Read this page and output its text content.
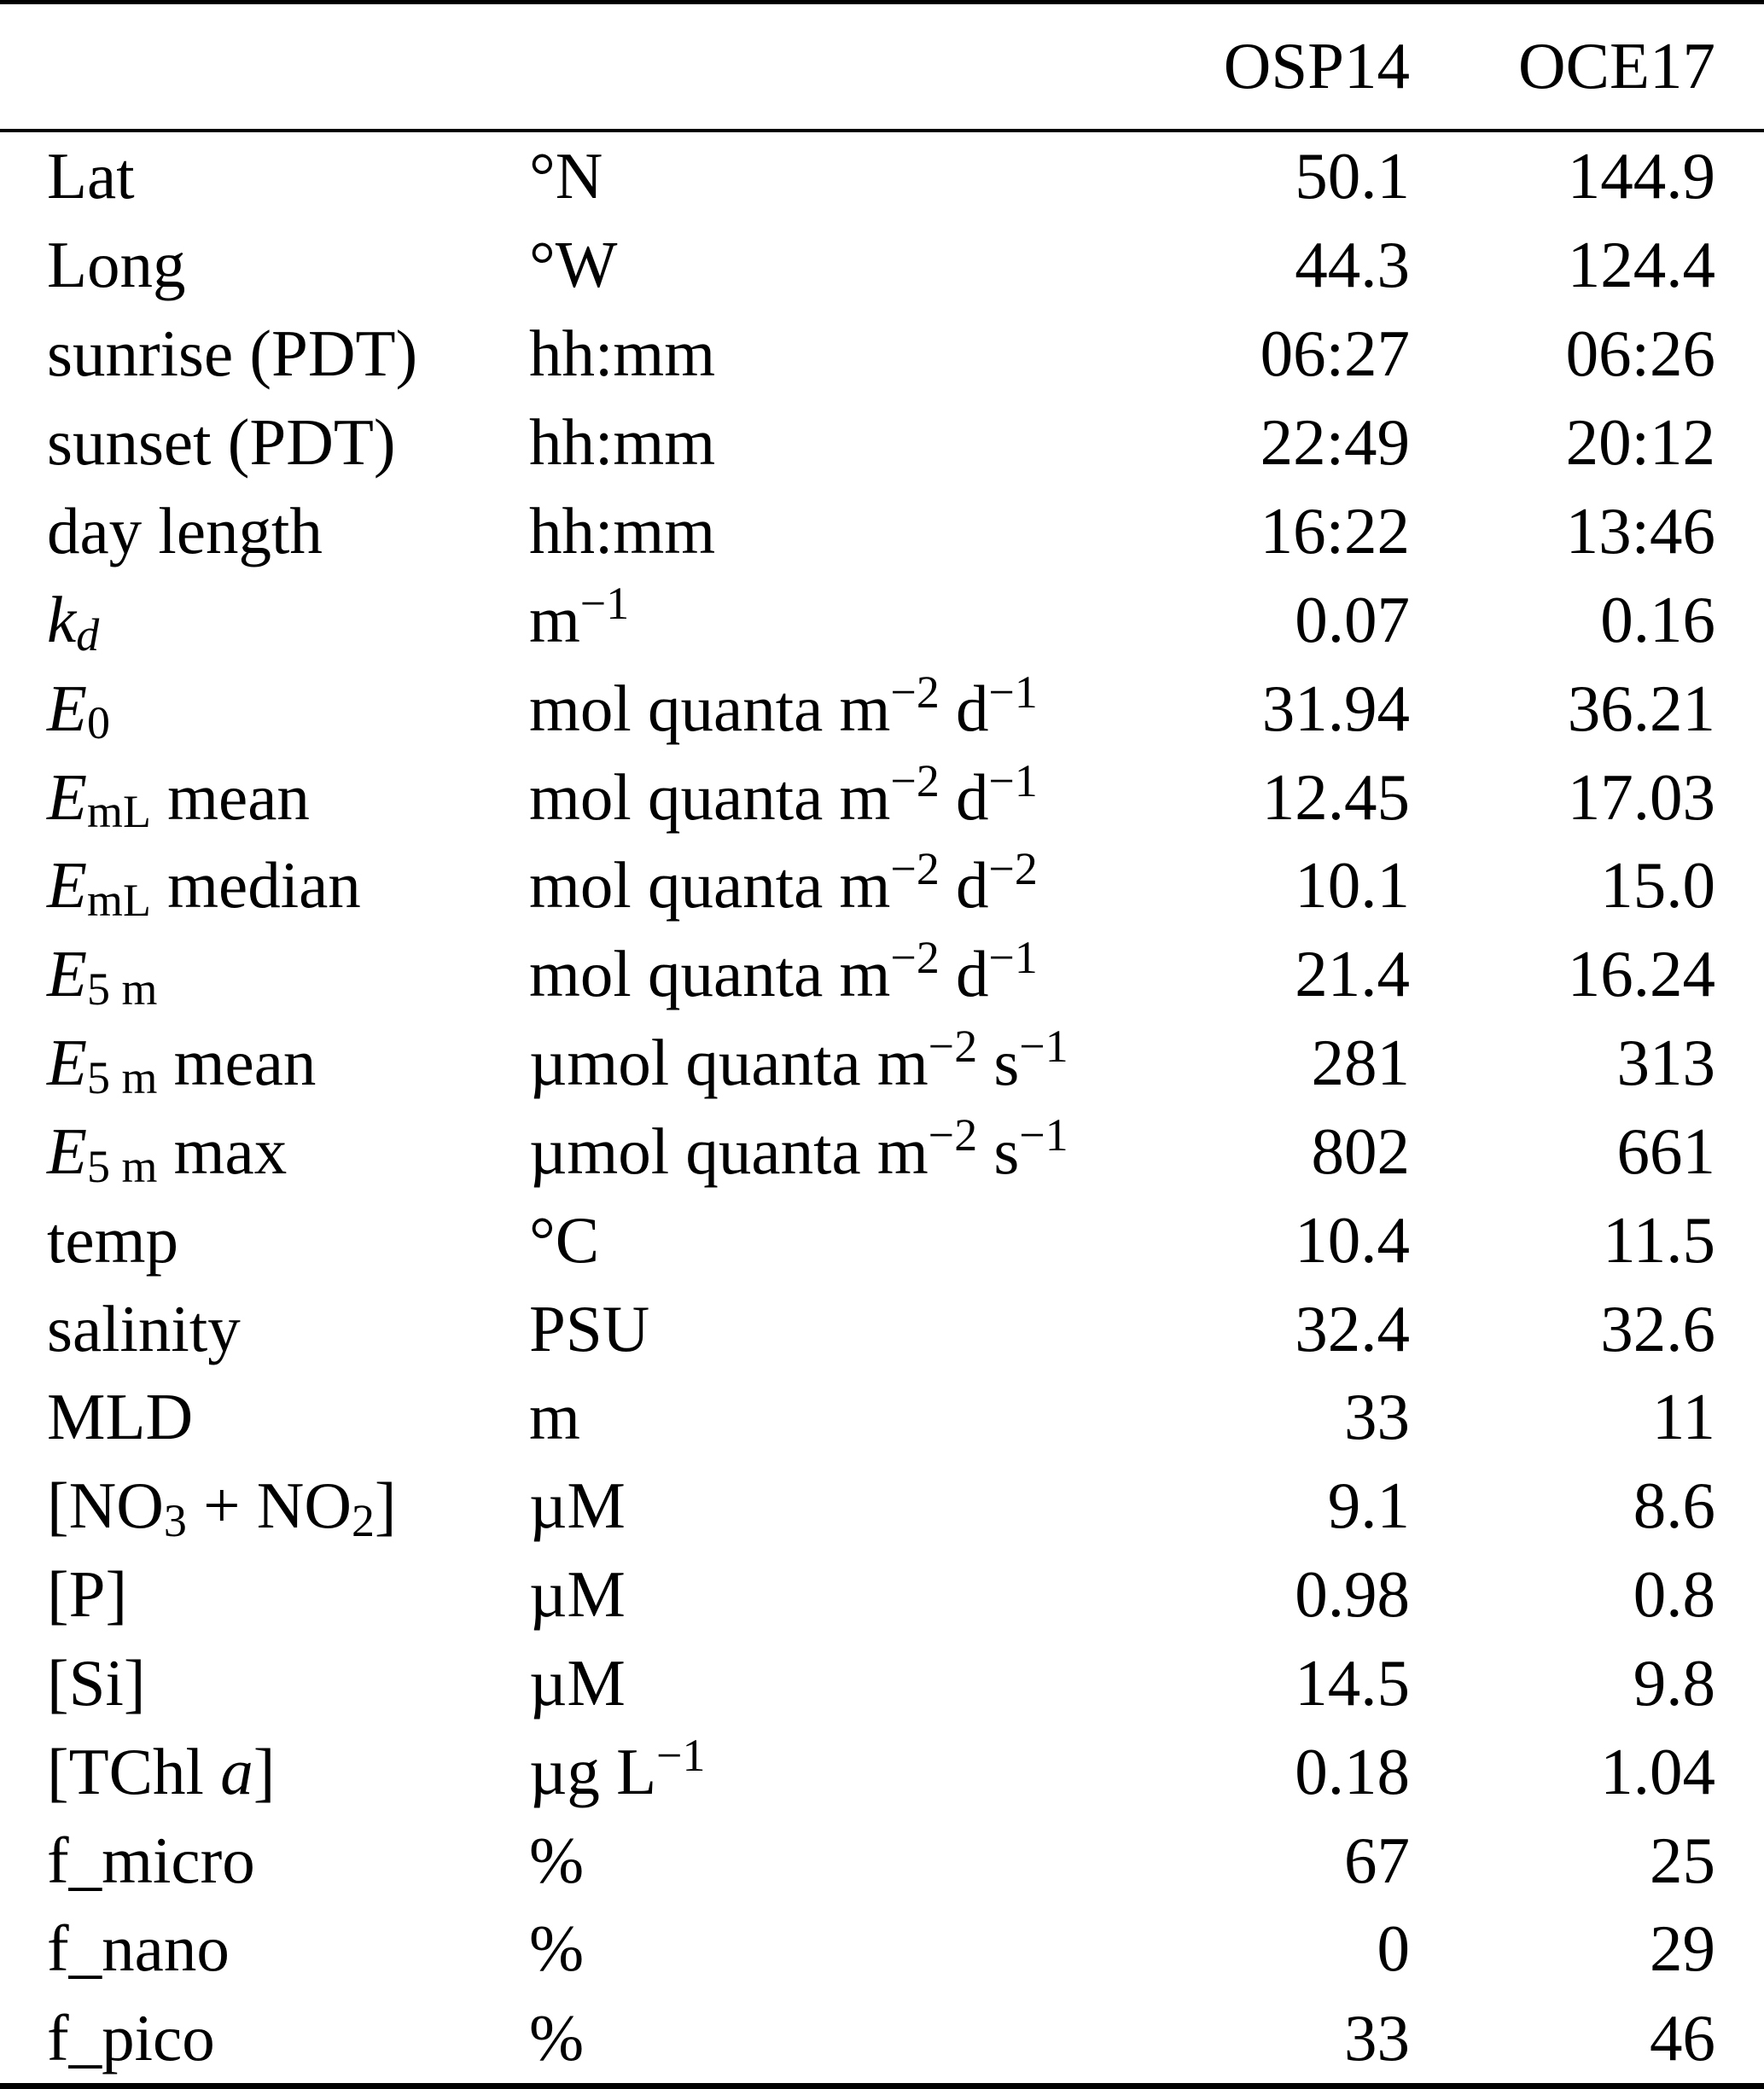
		OSP14	OCE17
Lat	°N	50.1	144.9
Long	°W	44.3	124.4
sunrise (PDT)	hh:mm	06:27	06:26
sunset (PDT)	hh:mm	22:49	20:12
day length	hh:mm	16:22	13:46
kd	$m^{-1}$	0.07	0.16
E0	mol quanta $m^{-2}$ $d^{-1}$	31.94	36.21
EmL mean	mol quanta $m^{-2}$ $d^{-1}$	12.45	17.03
EmL median	mol quanta $m^{-2}$ $d^{-2}$	10.1	15.0
E5 m	mol quanta $m^{-2}$ $d^{-1}$	21.4	16.24
E5 m mean	µmol quanta $m^{-2}$ $s^{-1}$	281	313
E5 m max	µmol quanta $m^{-2}$ $s^{-1}$	802	661
temp	°C	10.4	11.5
salinity	PSU	32.4	32.6
MLD	m	33	11
[NO3 + NO2]	µM	9.1	8.6
[P]	µM	0.98	0.8
[Si]	µM	14.5	9.8
[TChl a]	µg $L^{-1}$	0.18	1.04
f_micro	%	67	25
f_nano	%	0	29
f_pico	%	33	46
